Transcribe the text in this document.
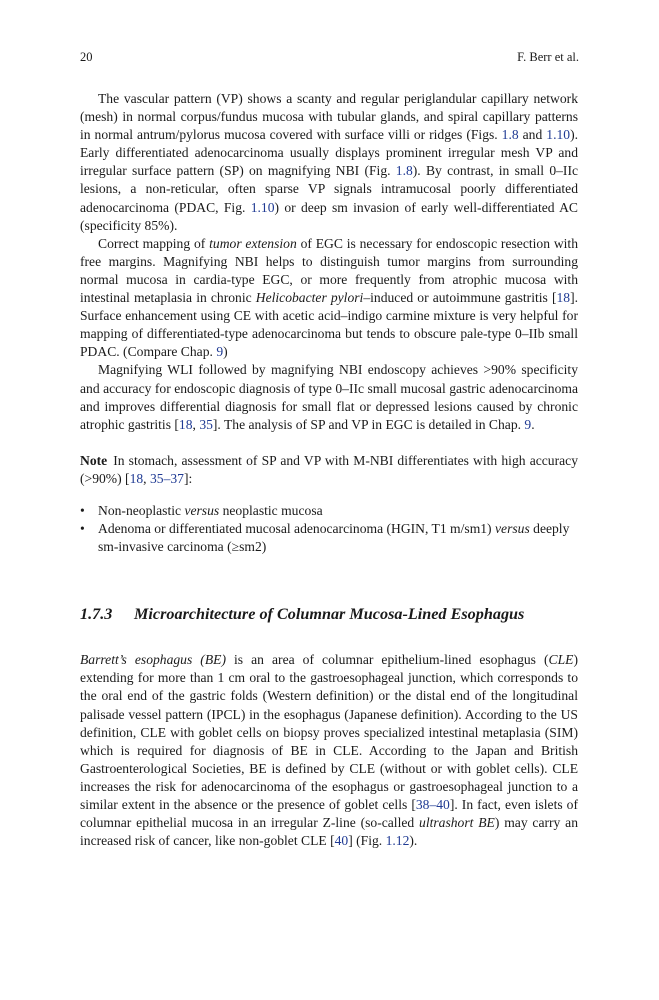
20	F. Berr et al.

The vascular pattern (VP) shows a scanty and regular periglandular capillary network (mesh) in normal corpus/fundus mucosa with tubular glands, and spiral capillary patterns in normal antrum/pylorus mucosa covered with surface villi or ridges (Figs. 1.8 and 1.10). Early differentiated adenocarcinoma usually displays prominent irregular mesh VP and irregular surface pattern (SP) on magnifying NBI (Fig. 1.8). By contrast, in small 0–IIc lesions, a non-reticular, often sparse VP signals intramucosal poorly differentiated adenocarcinoma (PDAC, Fig. 1.10) or deep sm invasion of early well-differentiated AC (specificity 85%).

Correct mapping of tumor extension of EGC is necessary for endoscopic resection with free margins. Magnifying NBI helps to distinguish tumor margins from surrounding normal mucosa in cardia-type EGC, or more frequently from atrophic mucosa with intestinal metaplasia in chronic Helicobacter pylori–induced or autoimmune gastritis [18]. Surface enhancement using CE with acetic acid–indigo carmine mixture is very helpful for mapping of differentiated-type adenocarcinoma but tends to obscure pale-type 0–IIb small PDAC. (Compare Chap. 9)

Magnifying WLI followed by magnifying NBI endoscopy achieves >90% specificity and accuracy for endoscopic diagnosis of type 0–IIc small mucosal gastric adenocarcinoma and improves differential diagnosis for small flat or depressed lesions caused by chronic atrophic gastritis [18, 35]. The analysis of SP and VP in EGC is detailed in Chap. 9.

Note In stomach, assessment of SP and VP with M-NBI differentiates with high accuracy (>90%) [18, 35–37]:

• Non-neoplastic versus neoplastic mucosa
• Adenoma or differentiated mucosal adenocarcinoma (HGIN, T1 m/sm1) versus deeply sm-invasive carcinoma (≥sm2)
1.7.3	Microarchitecture of Columnar Mucosa-Lined Esophagus

Barrett’s esophagus (BE) is an area of columnar epithelium-lined esophagus (CLE) extending for more than 1 cm oral to the gastroesophageal junction, which corresponds to the oral end of the gastric folds (Western definition) or the distal end of the longitudinal palisade vessel pattern (IPCL) in the esophagus (Japanese definition). According to the US definition, CLE with goblet cells on biopsy proves specialized intestinal metaplasia (SIM) which is required for diagnosis of BE in CLE. According to the Japan and British Gastroenterological Societies, BE is defined by CLE (without or with goblet cells). CLE increases the risk for adenocarcinoma of the esophagus or gastroesophageal junction to a similar extent in the absence or the presence of goblet cells [38–40]. In fact, even islets of columnar epithelial mucosa in an irregular Z-line (so-called ultrashort BE) may carry an increased risk of cancer, like non-goblet CLE [40] (Fig. 1.12).
